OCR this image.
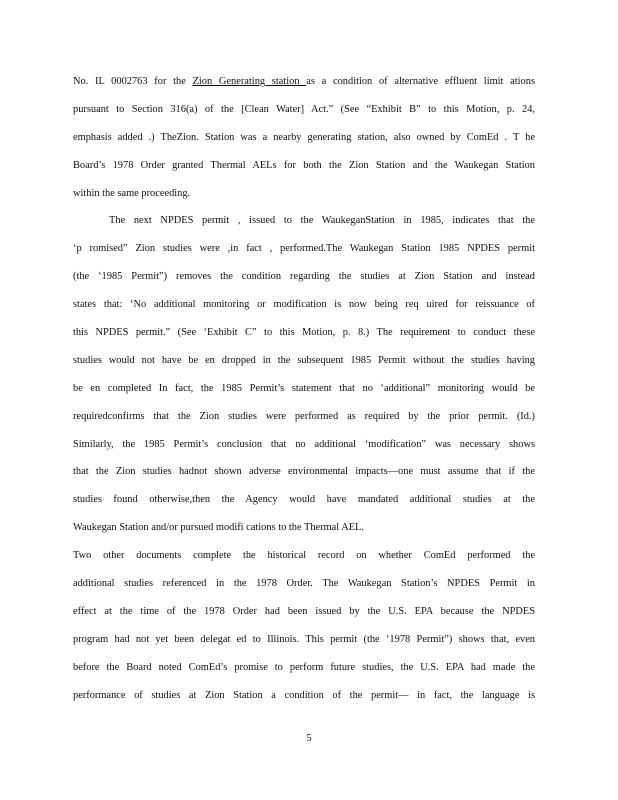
No. IL 0002763 for the Zion Generating station as a condition of alternative effluent limit ations
pursuant to Section 316(a) of the [Clean Water] Act.” (See “Exhibit B” to this Motion, p. 24,
emphasis added .) TheZion. Station was a nearby generating station, also owned by ComEd . T he
Board’s 1978 Order granted Thermal AELs for both the Zion Station and the Waukegan Station
within the same proceeding.
The next NPDES permit , issued to the WaukeganStation in 1985, indicates that the
‘p romised” Zion studies were ,in fact , performed.The Waukegan Station 1985 NPDES permit
(the ‘1985 Permit”) removes the condition regarding the studies at Zion Station and instead
states that: ‘No additional monitoring or modification is now being req uired for reissuance of
this NPDES permit.” (See ‘Exhibit C” to this Motion, p. 8.) The requirement to conduct these
studies would not have be en dropped in the subsequent 1985 Permit without the studies having
be en completed In fact, the 1985 Permit’s statement that no ‘additional” monitoring would be
requiredconfirms that the Zion studies were performed as required by the prior permit. (Id.)
Similarly, the 1985 Permit’s conclusion that no additional ‘modification” was necessary shows
that the Zion studies hadnot shown adverse environmental impacts—one must assume that if the
studies found otherwise,then the Agency would have mandated additional studies at the
Waukegan Station and/or pursued modifi cations to the Thermal AEL.
Two other documents complete the historical record on whether ComEd performed the
additional studies referenced in the 1978 Order. The Waukegan Station’s NPDES Permit in
effect at the time of the 1978 Order had been issued by the U.S. EPA because the NPDES
program had not yet been delegat ed to Illinois. This permit (the ‘1978 Permit”) shows that, even
before the Board noted ComEd’s promise to perform future studies, the U.S. EPA had made the
performance of studies at Zion Station a condition of the permit— in fact, the language is
5
